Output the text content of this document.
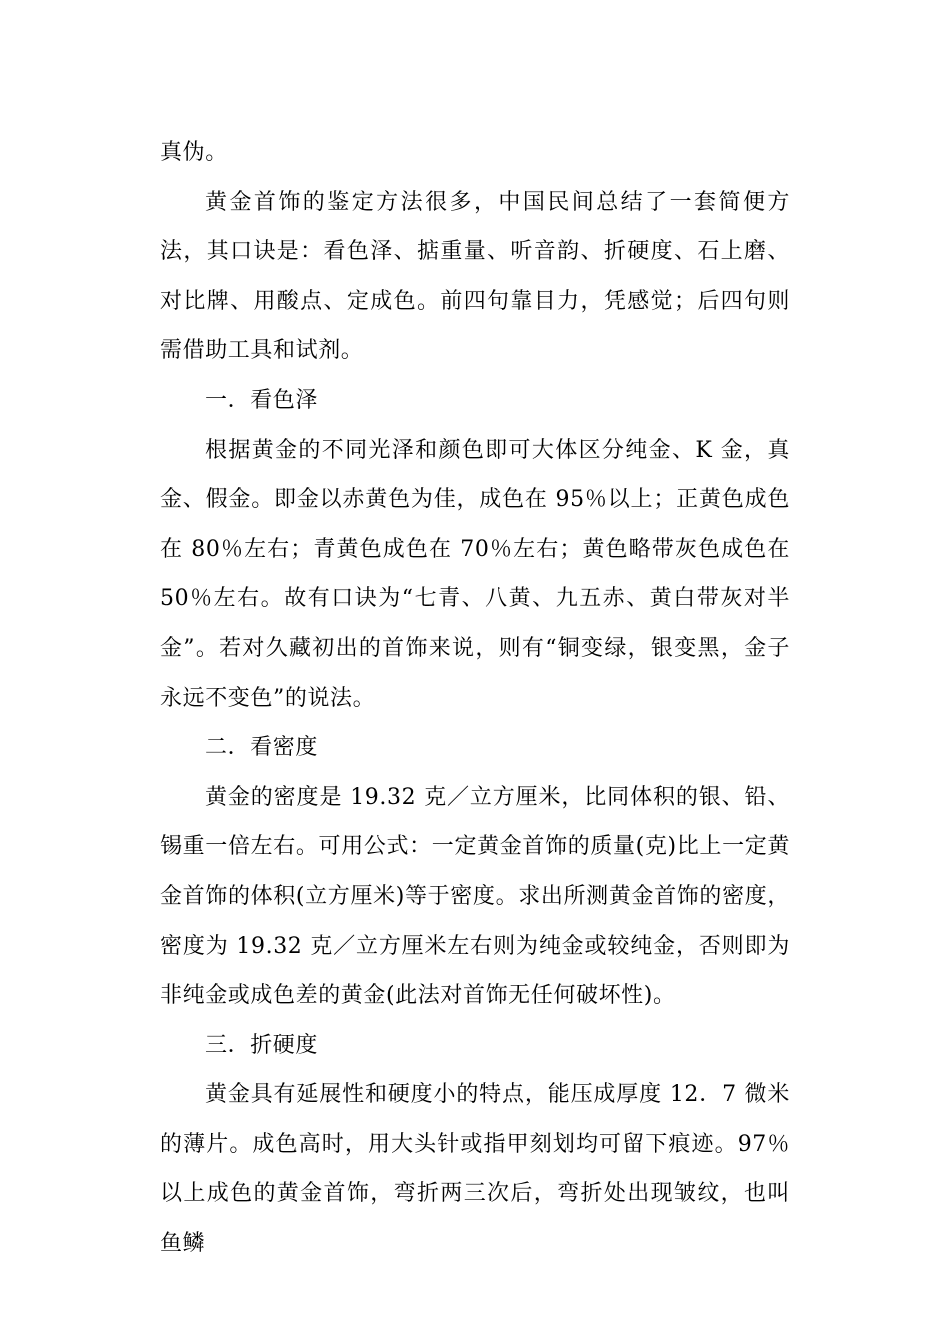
真伪。

黄金首饰的鉴定方法很多，中国民间总结了一套简便方法，其口诀是：看色泽、掂重量、听音韵、折硬度、石上磨、对比牌、用酸点、定成色。前四句靠目力，凭感觉；后四句则需借助工具和试剂。

一．看色泽

根据黄金的不同光泽和颜色即可大体区分纯金、K 金，真金、假金。即金以赤黄色为佳，成色在 95％以上；正黄色成色在 80％左右；青黄色成色在 70％左右；黄色略带灰色成色在 50％左右。故有口诀为“七青、八黄、九五赤、黄白带灰对半金”。若对久藏初出的首饰来说，则有“铜变绿，银变黑，金子永远不变色”的说法。

二．看密度

黄金的密度是 19.32 克／立方厘米，比同体积的银、铅、锡重一倍左右。可用公式：一定黄金首饰的质量(克)比上一定黄金首饰的体积(立方厘米)等于密度。求出所测黄金首饰的密度，密度为 19.32 克／立方厘米左右则为纯金或较纯金，否则即为非纯金或成色差的黄金(此法对首饰无任何破坏性)。

三．折硬度

黄金具有延展性和硬度小的特点，能压成厚度 12．7 微米的薄片。成色高时，用大头针或指甲刻划均可留下痕迹。97％以上成色的黄金首饰，弯折两三次后，弯折处出现皱纹，也叫鱼鳞
